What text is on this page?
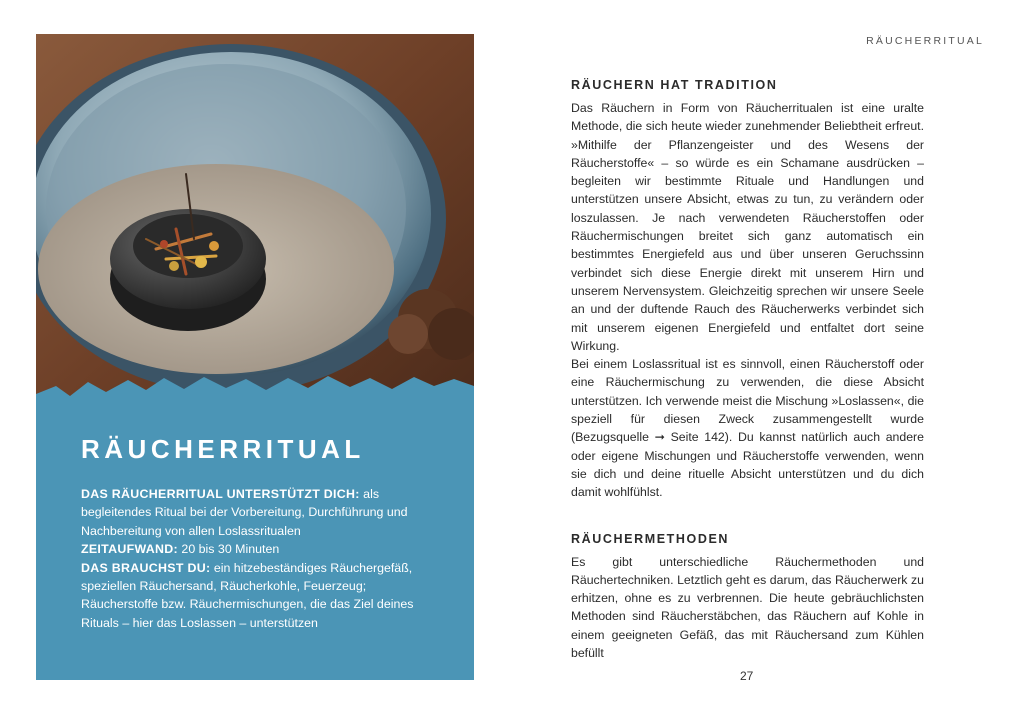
RÄUCHERRITUAL
RÄUCHERRITUAL

DAS RÄUCHERRITUAL UNTERSTÜTZT DICH: als begleitendes Ritual bei der Vorbereitung, Durchführung und Nachbereitung von allen Loslassritualen

ZEITAUFWAND: 20 bis 30 Minuten

DAS BRAUCHST DU: ein hitzebeständiges Räuchergefäß, speziellen Räuchersand, Räucherkohle, Feuerzeug; Räucherstoffe bzw. Räuchermischungen, die das Ziel deines Rituals – hier das Loslassen – unterstützen

RÄUCHERN HAT TRADITION

Das Räuchern in Form von Räucherritualen ist eine uralte Methode, die sich heute wieder zunehmender Beliebtheit erfreut. »Mithilfe der Pflanzengeister und des Wesens der Räucherstoffe« – so würde es ein Schamane ausdrücken – begleiten wir bestimmte Rituale und Handlungen und unterstützen unsere Absicht, etwas zu tun, zu verändern oder loszulassen. Je nach verwendeten Räucherstoffen oder Räuchermischungen breitet sich ganz automatisch ein bestimmtes Energiefeld aus und über unseren Geruchssinn verbindet sich diese Energie direkt mit unserem Hirn und unserem Nervensystem. Gleichzeitig sprechen wir unsere Seele an und der duftende Rauch des Räucherwerks verbindet sich mit unserem eigenen Energiefeld und entfaltet dort seine Wirkung.

Bei einem Loslassritual ist es sinnvoll, einen Räucherstoff oder eine Räuchermischung zu verwenden, die diese Absicht unterstützen. Ich verwende meist die Mischung »Loslassen«, die speziell für diesen Zweck zusammengestellt wurde (Bezugsquelle ➞ Seite 142). Du kannst natürlich auch andere oder eigene Mischungen und Räucherstoffe verwenden, wenn sie dich und deine rituelle Absicht unterstützen und du dich damit wohlfühlst.

RÄUCHERMETHODEN

Es gibt unterschiedliche Räuchermethoden und Räuchertechniken. Letztlich geht es darum, das Räucherwerk zu erhitzen, ohne es zu verbrennen. Die heute gebräuchlichsten Methoden sind Räucherstäbchen, das Räuchern auf Kohle in einem geeigneten Gefäß, das mit Räuchersand zum Kühlen befüllt

27
